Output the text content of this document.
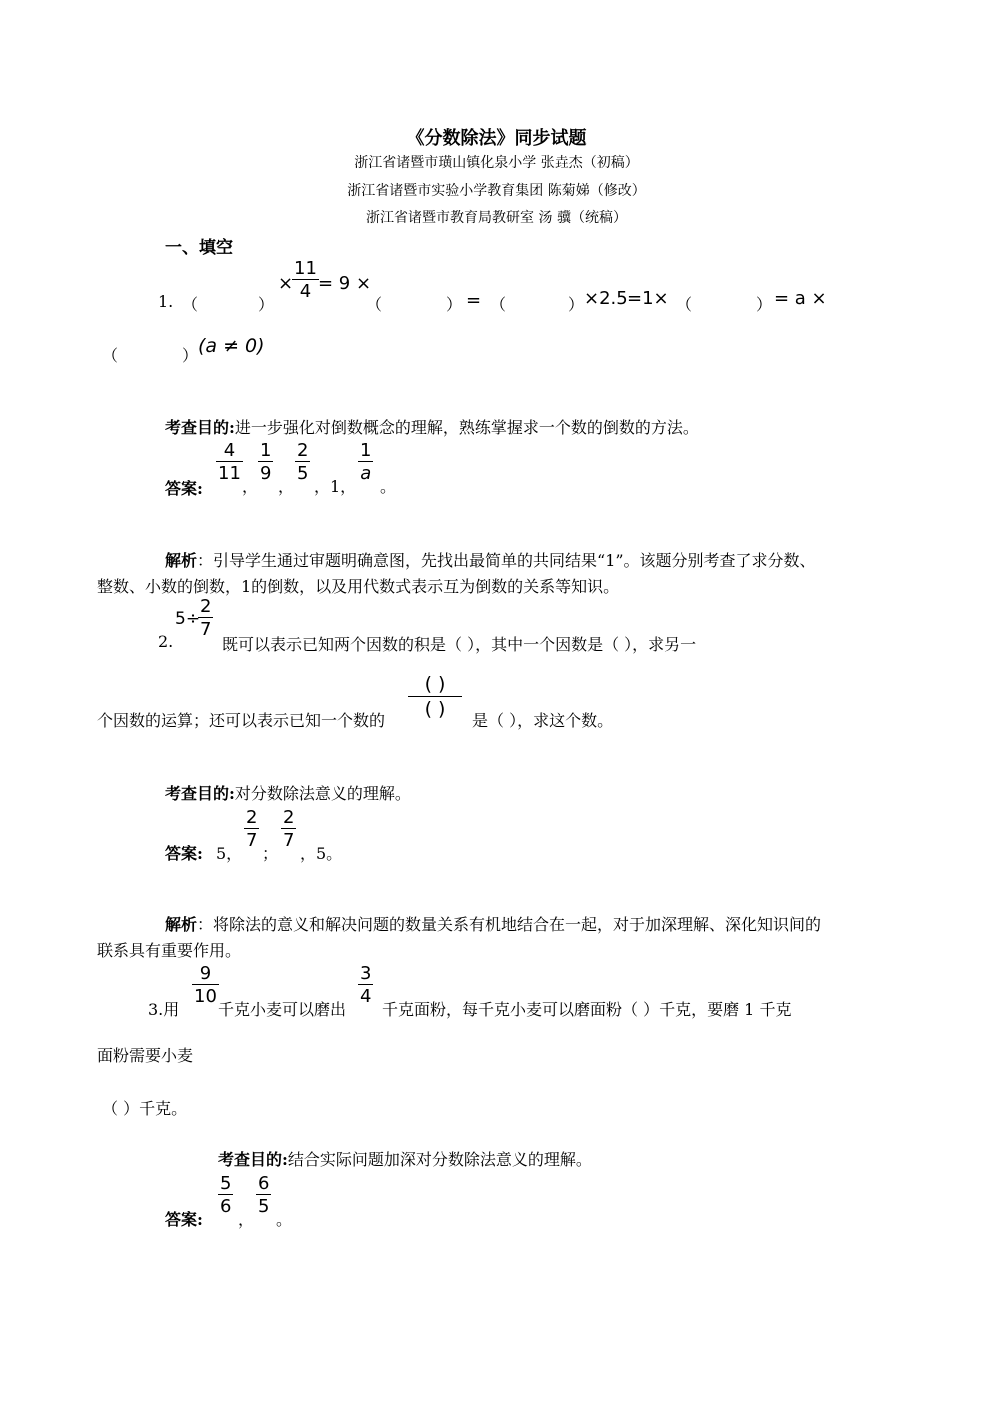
《分数除法》同步试题
浙江省诸暨市璜山镇化泉小学 张垚杰（初稿）
浙江省诸暨市实验小学教育集团 陈菊娣（修改）
浙江省诸暨市教育局教研室 汤 骥（统稿）
一、填空
1. （	）
×
$\frac{11}{4} = 9$ ×
（	） = （	） ×2.5 =1× （	） = a ×
（	） (a ≠ 0)
考查目的:进一步强化对倒数概念的理解，熟练掌握求一个数的倒数的方法。
答案:
$\frac{4}{11}$
，
$\frac{1}{9}$
，
$\frac{2}{5}$
，1，
$\frac{1}{a}$
。
解析：引导学生通过审题明确意图，先找出最简单的共同结果“1”。该题分别考查了求分数、
整数、小数的倒数，1的倒数，以及用代数式表示互为倒数的关系等知识。
5÷
$\frac{2}{7}$
2.	既可以表示已知两个因数的积是（ ），其中一个因数是（ ），求另一
个因数的运算；还可以表示已知一个数的
( )
( )
是（ ），求这个数。
考查目的:对分数除法意义的理解。
答案: 5，
$\frac{2}{7}$
；
$\frac{2}{7}$
，5。
解析：将除法的意义和解决问题的数量关系有机地结合在一起，对于加深理解、深化知识间的
联系具有重要作用。
3.用
$\frac{9}{10}$
千克小麦可以磨出
$\frac{3}{4}$
千克面粉，每千克小麦可以磨面粉（ ）千克，要磨 1 千克
面粉需要小麦
（ ）千克。
考查目的:结合实际问题加深对分数除法意义的理解。
答案:
$\frac{5}{6}$
，
$\frac{6}{5}$
。
